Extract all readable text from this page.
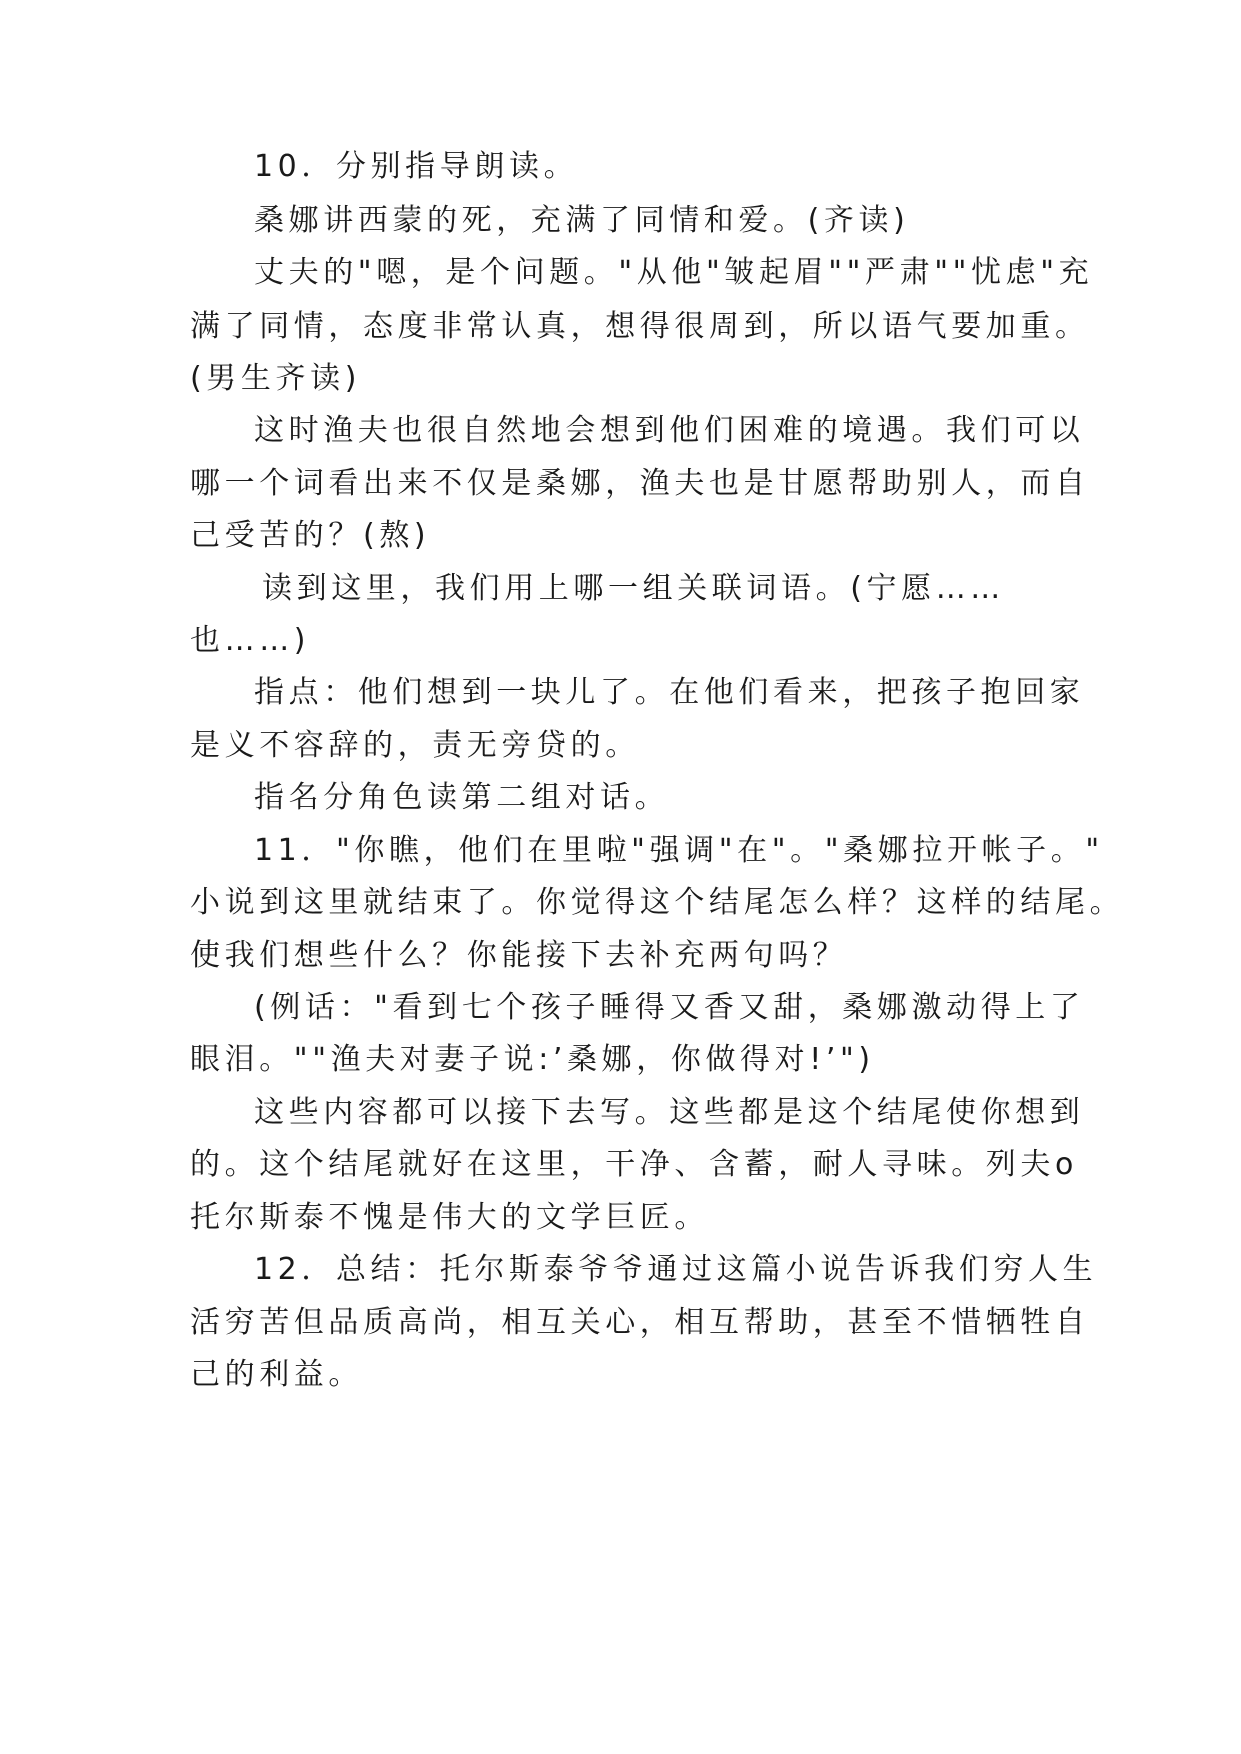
10．分别指导朗读。
桑娜讲西蒙的死，充满了同情和爱。(齐读)
丈夫的"嗯，是个问题。"从他"皱起眉""严肃""忧虑"充
满了同情，态度非常认真，想得很周到，所以语气要加重。
(男生齐读)
这时渔夫也很自然地会想到他们困难的境遇。我们可以
哪一个词看出来不仅是桑娜，渔夫也是甘愿帮助别人，而自
己受苦的？(熬)
读到这里，我们用上哪一组关联词语。(宁愿……
也……)
指点：他们想到一块儿了。在他们看来，把孩子抱回家
是义不容辞的，责无旁贷的。
指名分角色读第二组对话。
11．"你瞧，他们在里啦"强调"在"。"桑娜拉开帐子。"
小说到这里就结束了。你觉得这个结尾怎么样？这样的结尾。
使我们想些什么？你能接下去补充两句吗？
(例话："看到七个孩子睡得又香又甜，桑娜激动得上了
眼泪。""渔夫对妻子说:’桑娜，你做得对!’")
这些内容都可以接下去写。这些都是这个结尾使你想到
的。这个结尾就好在这里，干净、含蓄，耐人寻味。列夫o
托尔斯泰不愧是伟大的文学巨匠。
12．总结：托尔斯泰爷爷通过这篇小说告诉我们穷人生
活穷苦但品质高尚，相互关心，相互帮助，甚至不惜牺牲自
己的利益。
